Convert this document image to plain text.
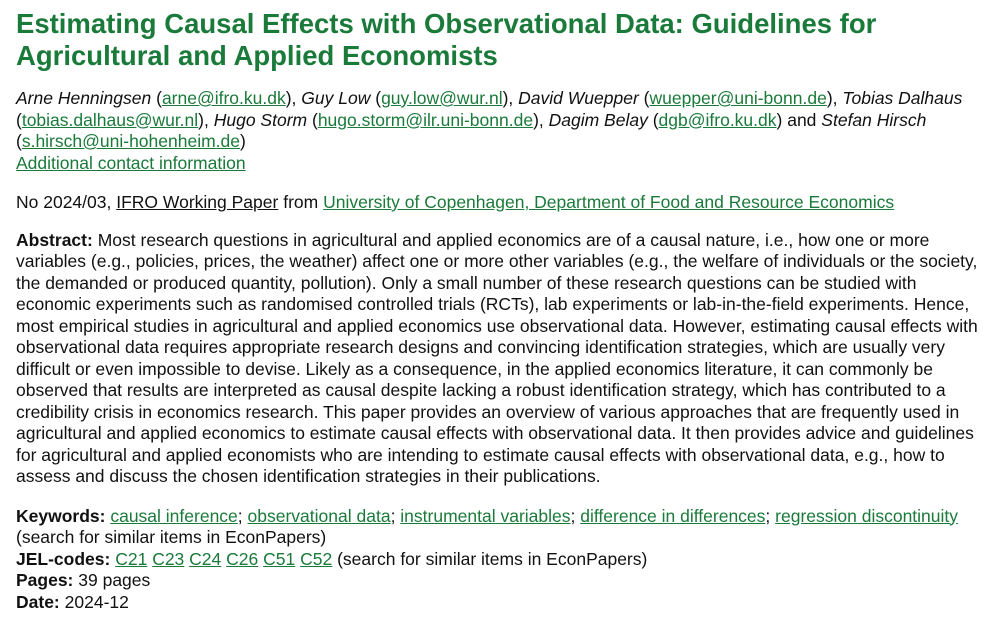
Estimating Causal Effects with Observational Data: Guidelines for Agricultural and Applied Economists

Arne Henningsen (arne@ifro.ku.dk), Guy Low (guy.low@wur.nl), David Wuepper (wuepper@uni-bonn.de), Tobias Dalhaus (tobias.dalhaus@wur.nl), Hugo Storm (hugo.storm@ilr.uni-bonn.de), Dagim Belay (dgb@ifro.ku.dk) and Stefan Hirsch (s.hirsch@uni-hohenheim.de)
Additional contact information

No 2024/03, IFRO Working Paper from University of Copenhagen, Department of Food and Resource Economics

Abstract: Most research questions in agricultural and applied economics are of a causal nature, i.e., how one or more variables (e.g., policies, prices, the weather) affect one or more other variables (e.g., the welfare of individuals or the society, the demanded or produced quantity, pollution). Only a small number of these research questions can be studied with economic experiments such as randomised controlled trials (RCTs), lab experiments or lab-in-the-field experiments. Hence, most empirical studies in agricultural and applied economics use observational data. However, estimating causal effects with observational data requires appropriate research designs and convincing identification strategies, which are usually very difficult or even impossible to devise. Likely as a consequence, in the applied economics literature, it can commonly be observed that results are interpreted as causal despite lacking a robust identification strategy, which has contributed to a credibility crisis in economics research. This paper provides an overview of various approaches that are frequently used in agricultural and applied economics to estimate causal effects with observational data. It then provides advice and guidelines for agricultural and applied economists who are intending to estimate causal effects with observational data, e.g., how to assess and discuss the chosen identification strategies in their publications.

Keywords: causal inference; observational data; instrumental variables; difference in differences; regression discontinuity (search for similar items in EconPapers)

JEL-codes: C21 C23 C24 C26 C51 C52 (search for similar items in EconPapers)

Pages: 39 pages

Date: 2024-12
